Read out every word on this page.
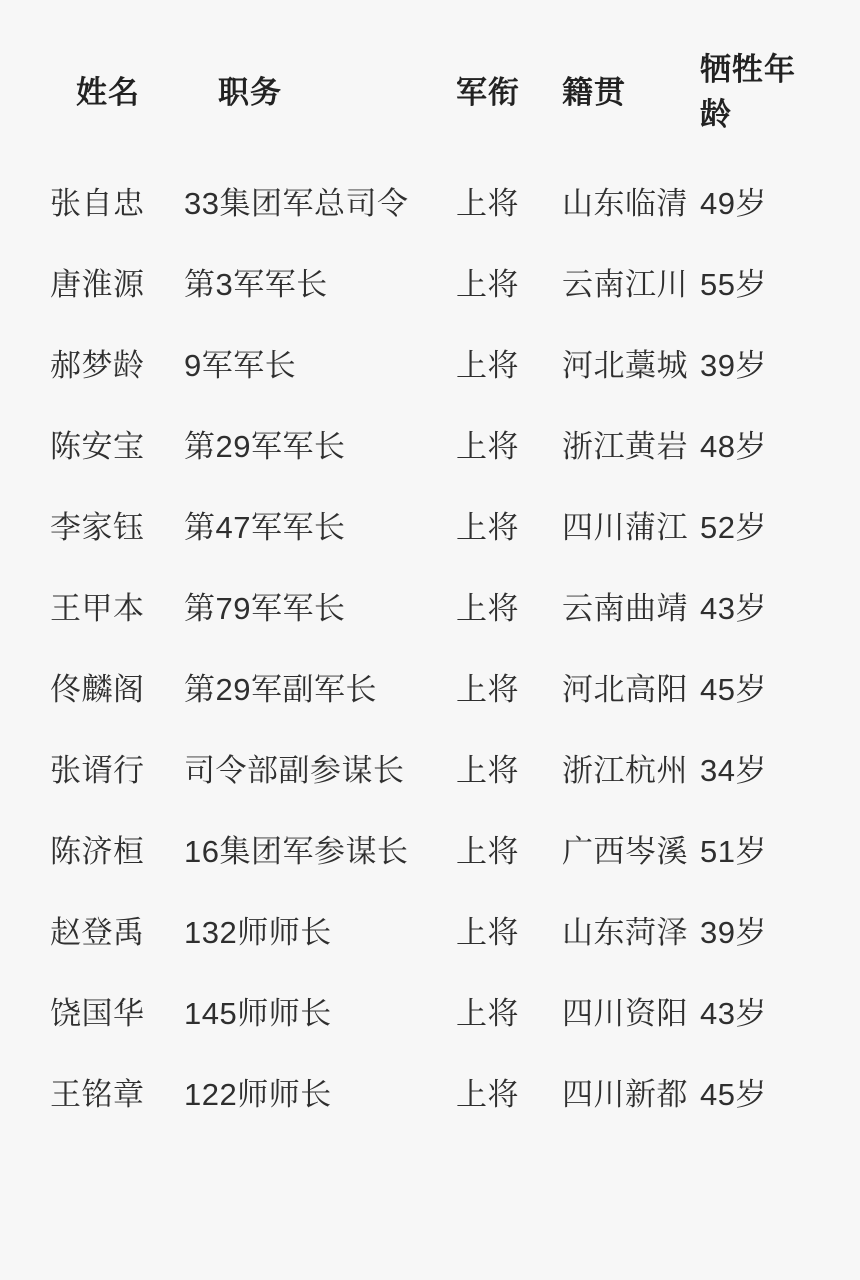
姓名	职务	军衔	籍贯	牺牲年龄
张自忠	33集团军总司令	上将	山东临清	49岁
唐淮源	第3军军长	上将	云南江川	55岁
郝梦龄	9军军长	上将	河北藁城	39岁
陈安宝	第29军军长	上将	浙江黄岩	48岁
李家钰	第47军军长	上将	四川蒲江	52岁
王甲本	第79军军长	上将	云南曲靖	43岁
佟麟阁	第29军副军长	上将	河北高阳	45岁
张谞行	司令部副参谋长	上将	浙江杭州	34岁
陈济桓	16集团军参谋长	上将	广西岑溪	51岁
赵登禹	132师师长	上将	山东菏泽	39岁
饶国华	145师师长	上将	四川资阳	43岁
王铭章	122师师长	上将	四川新都	45岁
